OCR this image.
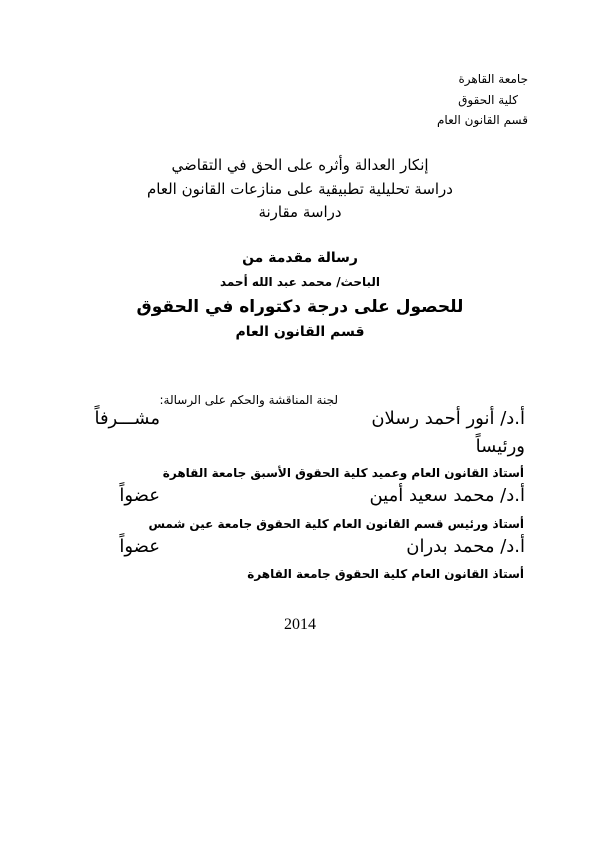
جامعة القاهرة
كلية الحقوق
قسم القانون العام
إنكار العدالة وأثره على الحق في التقاضي
دراسة تحليلية تطبيقية على منازعات القانون العام
دراسة مقارنة
رسالة مقدمة من
الباحث/ محمد عبد الله أحمد
للحصول على درجة دكتوراه في الحقوق
قسم القانون العام
لجنة المناقشة والحكم على الرسالة:
أ.د/ أنور أحمد رسلان
مشـــرفاً
ورئيساً
أستاذ القانون العام وعميد كلية الحقوق الأسبق جامعة القاهرة
أ.د/ محمد سعيد أمين
عضواً
أستاذ ورئيس قسم القانون العام كلية الحقوق جامعة عين شمس
أ.د/ محمد بدران
عضواً
أستاذ القانون العام كلية الحقوق جامعة القاهرة
2014
